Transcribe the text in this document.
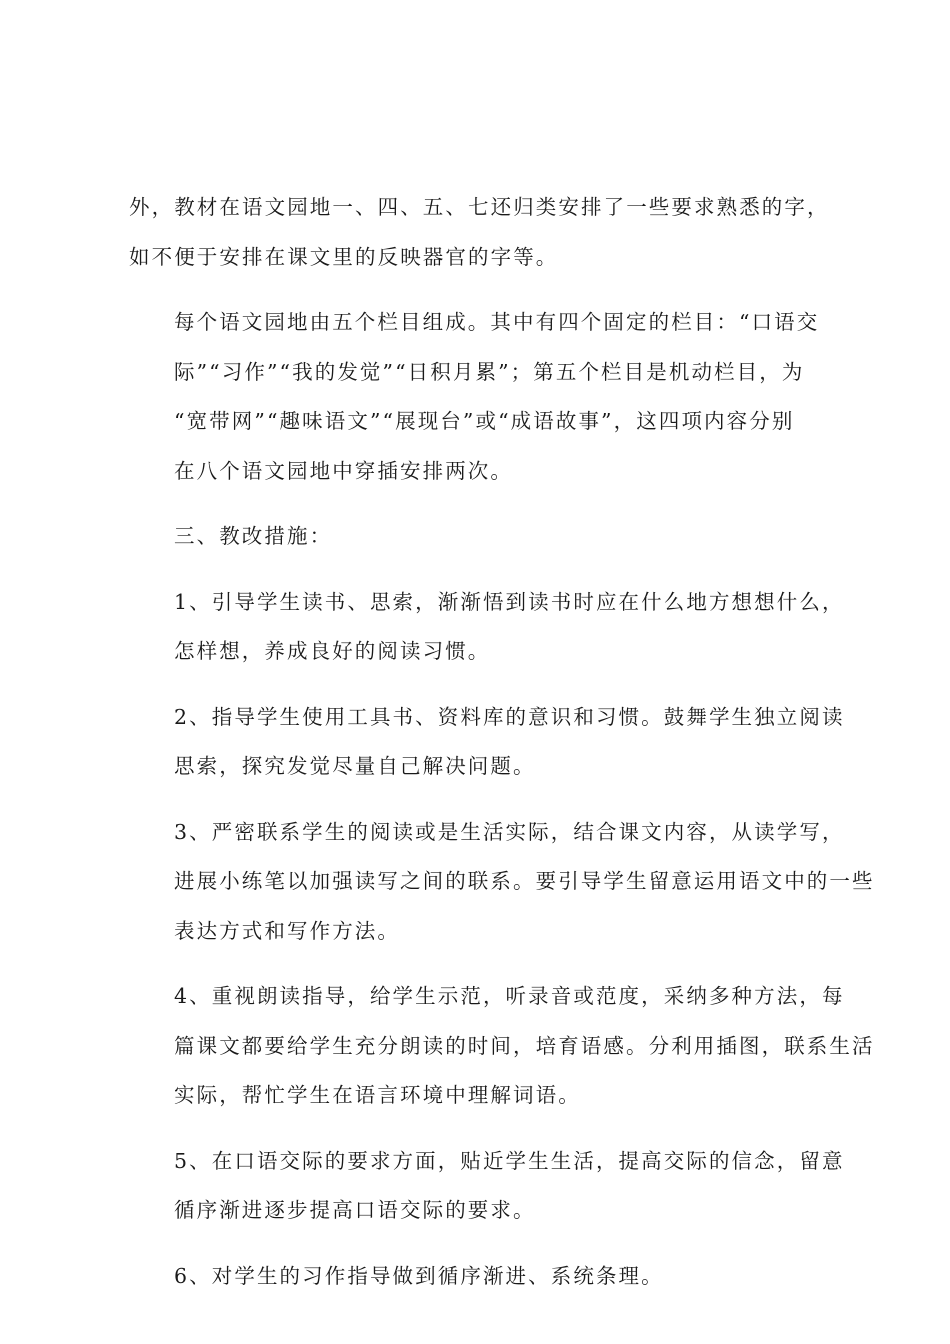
外，教材在语文园地一、四、五、七还归类安排了一些要求熟悉的字，
如不便于安排在课文里的反映器官的字等。

每个语文园地由五个栏目组成。其中有四个固定的栏目：“口语交
际”“习作”“我的发觉”“日积月累”；第五个栏目是机动栏目，为
“宽带网”“趣味语文”“展现台”或“成语故事”，这四项内容分别
在八个语文园地中穿插安排两次。

三、教改措施：

1、引导学生读书、思索，渐渐悟到读书时应在什么地方想想什么，
怎样想，养成良好的阅读习惯。

2、指导学生使用工具书、资料库的意识和习惯。鼓舞学生独立阅读
思索，探究发觉尽量自己解决问题。

3、严密联系学生的阅读或是生活实际，结合课文内容，从读学写，
进展小练笔以加强读写之间的联系。要引导学生留意运用语文中的一些
表达方式和写作方法。

4、重视朗读指导，给学生示范，听录音或范度，采纳多种方法，每
篇课文都要给学生充分朗读的时间，培育语感。分利用插图，联系生活
实际，帮忙学生在语言环境中理解词语。

5、在口语交际的要求方面，贴近学生生活，提高交际的信念，留意
循序渐进逐步提高口语交际的要求。

6、对学生的习作指导做到循序渐进、系统条理。
